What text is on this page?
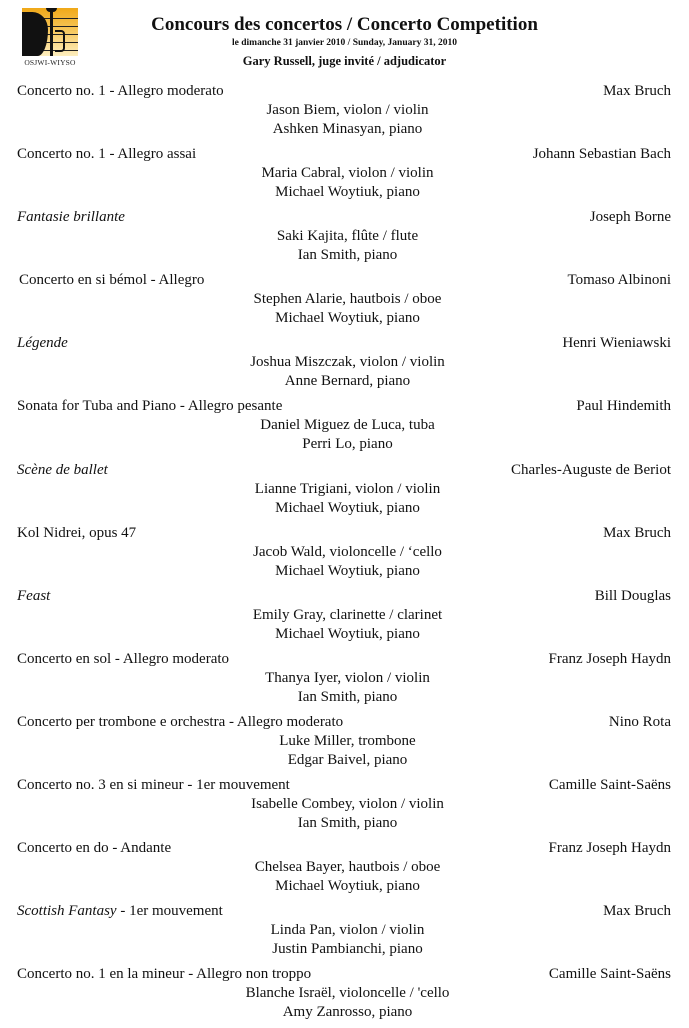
OSJWI-WIYSO
Concours des concertos / Concerto Competition
le dimanche 31 janvier 2010 / Sunday, January 31, 2010
Gary Russell, juge invité / adjudicator
Concerto no. 1 - Allegro moderato	Max Bruch
Jason Biem, violon / violin
Ashken Minasyan, piano
Concerto no. 1 - Allegro assai	Johann Sebastian Bach
Maria Cabral, violon / violin
Michael Woytiuk, piano
Fantasie brillante	Joseph Borne
Saki Kajita, flûte / flute
Ian Smith, piano
Concerto en si bémol - Allegro	Tomaso Albinoni
Stephen Alarie, hautbois / oboe
Michael Woytiuk, piano
Légende	Henri Wieniawski
Joshua Miszczak, violon / violin
Anne Bernard, piano
Sonata for Tuba and Piano - Allegro pesante	Paul Hindemith
Daniel Miguez de Luca, tuba
Perri Lo, piano
Scène de ballet	Charles-Auguste de Beriot
Lianne Trigiani, violon / violin
Michael Woytiuk, piano
Kol Nidrei, opus 47	Max Bruch
Jacob Wald, violoncelle / ‘cello
Michael Woytiuk, piano
Feast	Bill Douglas
Emily Gray, clarinette / clarinet
Michael Woytiuk, piano
Concerto en sol - Allegro moderato	Franz Joseph Haydn
Thanya Iyer, violon / violin
Ian Smith, piano
Concerto per trombone e orchestra - Allegro moderato	Nino Rota
Luke Miller, trombone
Edgar Baivel, piano
Concerto no. 3 en si mineur - 1er mouvement	Camille Saint-Saëns
Isabelle Combey, violon / violin
Ian Smith, piano
Concerto en do - Andante	Franz Joseph Haydn
Chelsea Bayer, hautbois / oboe
Michael Woytiuk, piano
Scottish Fantasy - 1er mouvement	Max Bruch
Linda Pan, violon / violin
Justin Pambianchi, piano
Concerto no. 1 en la mineur - Allegro non troppo	Camille Saint-Saëns
Blanche Israël, violoncelle / 'cello
Amy Zanrosso, piano
